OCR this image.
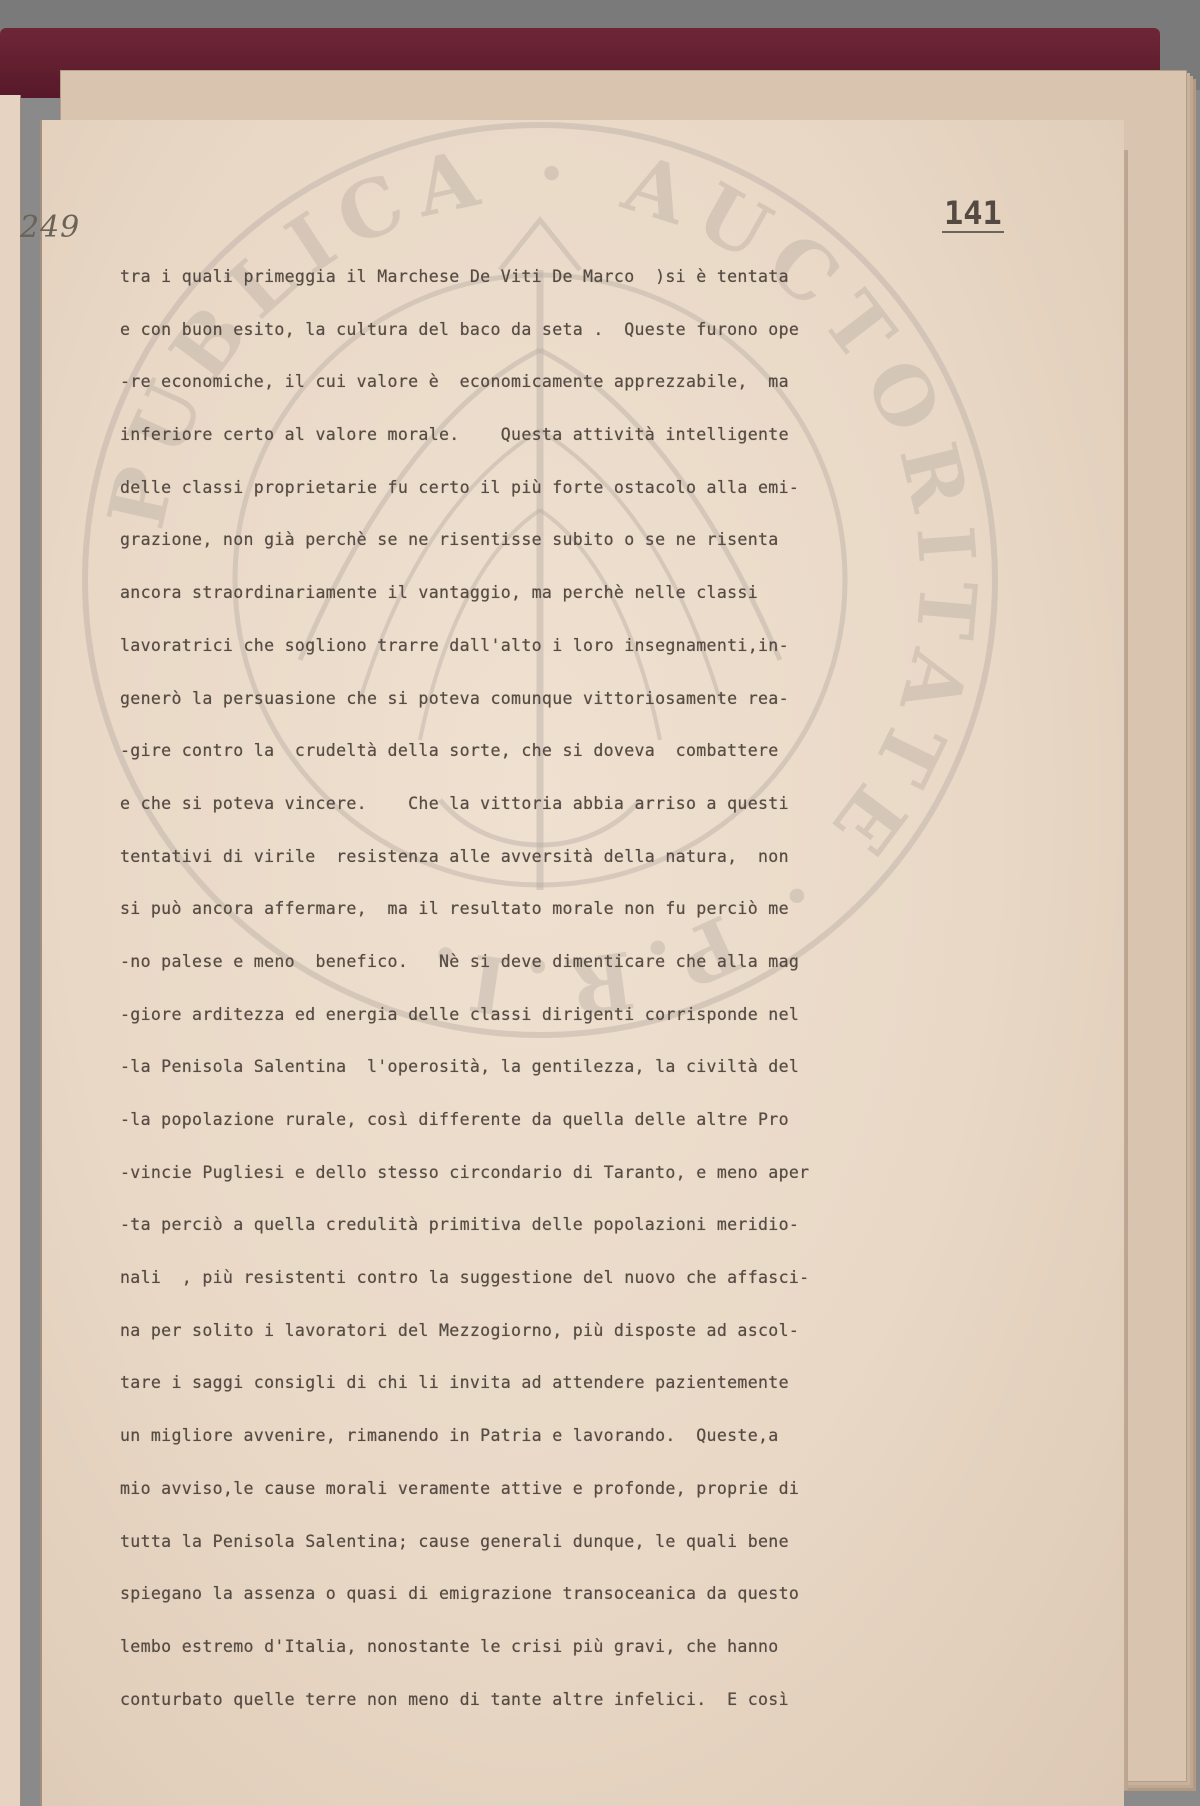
PUBLICA · AUCTORITATE · P.R.I.
249	141
tra i quali primeggia il Marchese De Viti De Marco  )si è tentata
e con buon esito, la cultura del baco da seta .  Queste furono ope
-re economiche, il cui valore è  economicamente apprezzabile,  ma
inferiore certo al valore morale.    Questa attività intelligente
delle classi proprietarie fu certo il più forte ostacolo alla emi-
grazione, non già perchè se ne risentisse subito o se ne risenta
ancora straordinariamente il vantaggio, ma perchè nelle classi
lavoratrici che sogliono trarre dall'alto i loro insegnamenti,in-
generò la persuasione che si poteva comunque vittoriosamente rea-
-gire contro la  crudeltà della sorte, che si doveva  combattere
e che si poteva vincere.    Che la vittoria abbia arriso a questi
tentativi di virile  resistenza alle avversità della natura,  non
si può ancora affermare,  ma il resultato morale non fu perciò me
-no palese e meno  benefico.   Nè si deve dimenticare che alla mag
-giore arditezza ed energia delle classi dirigenti corrisponde nel
-la Penisola Salentina  l'operosità, la gentilezza, la civiltà del
-la popolazione rurale, così differente da quella delle altre Pro
-vincie Pugliesi e dello stesso circondario di Taranto, e meno aper
-ta perciò a quella credulità primitiva delle popolazioni meridio-
nali  , più resistenti contro la suggestione del nuovo che affasci-
na per solito i lavoratori del Mezzogiorno, più disposte ad ascol-
tare i saggi consigli di chi li invita ad attendere pazientemente
un migliore avvenire, rimanendo in Patria e lavorando.  Queste,a
mio avviso,le cause morali veramente attive e profonde, proprie di
tutta la Penisola Salentina; cause generali dunque, le quali bene
spiegano la assenza o quasi di emigrazione transoceanica da questo
lembo estremo d'Italia, nonostante le crisi più gravi, che hanno
conturbato quelle terre non meno di tante altre infelici.  E così
